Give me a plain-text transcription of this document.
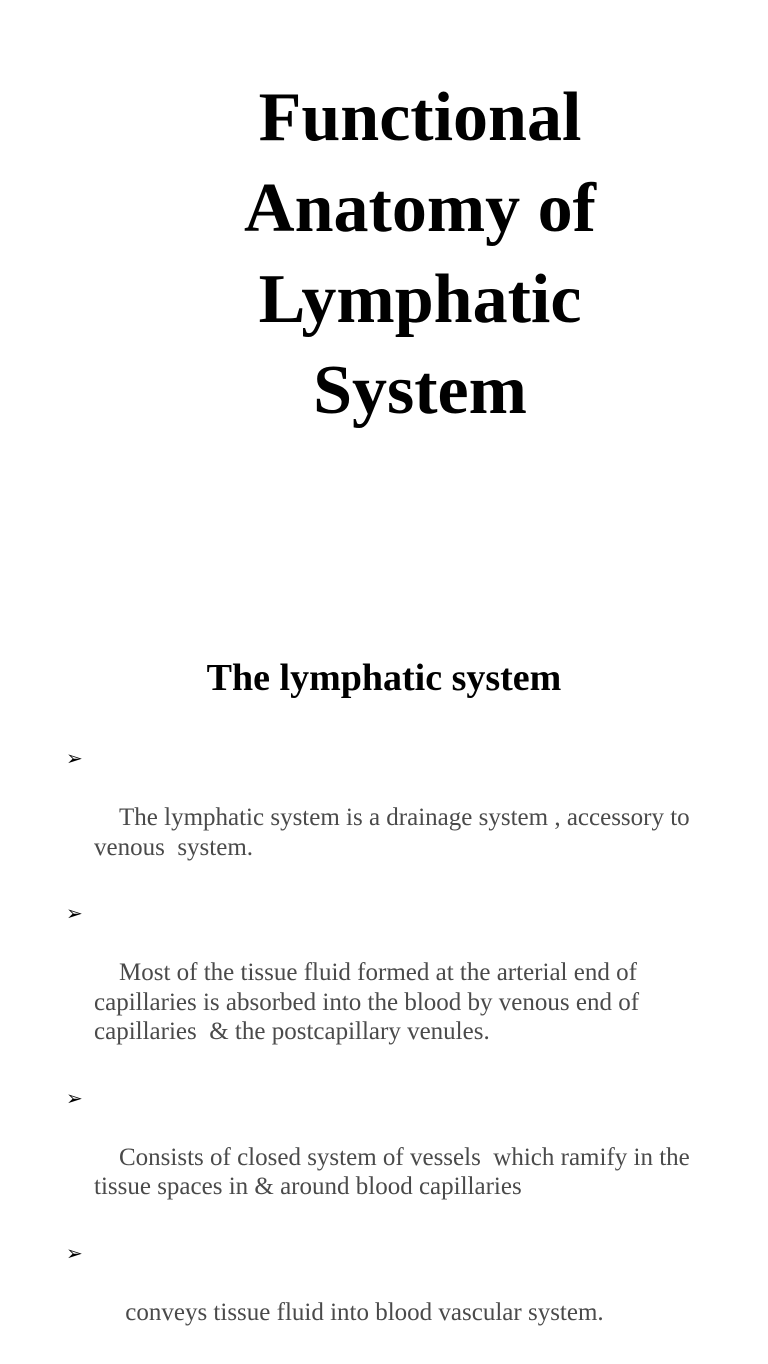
Functional
Anatomy of
Lymphatic
System
The lymphatic system

➢

The lymphatic system is a drainage system , accessory to venous  system.

➢

Most of the tissue fluid formed at the arterial end of capillaries is absorbed into the blood by venous end of capillaries  & the postcapillary venules.

➢

Consists of closed system of vessels  which ramify in the tissue spaces in & around blood capillaries

➢

conveys tissue fluid into blood vascular system.
